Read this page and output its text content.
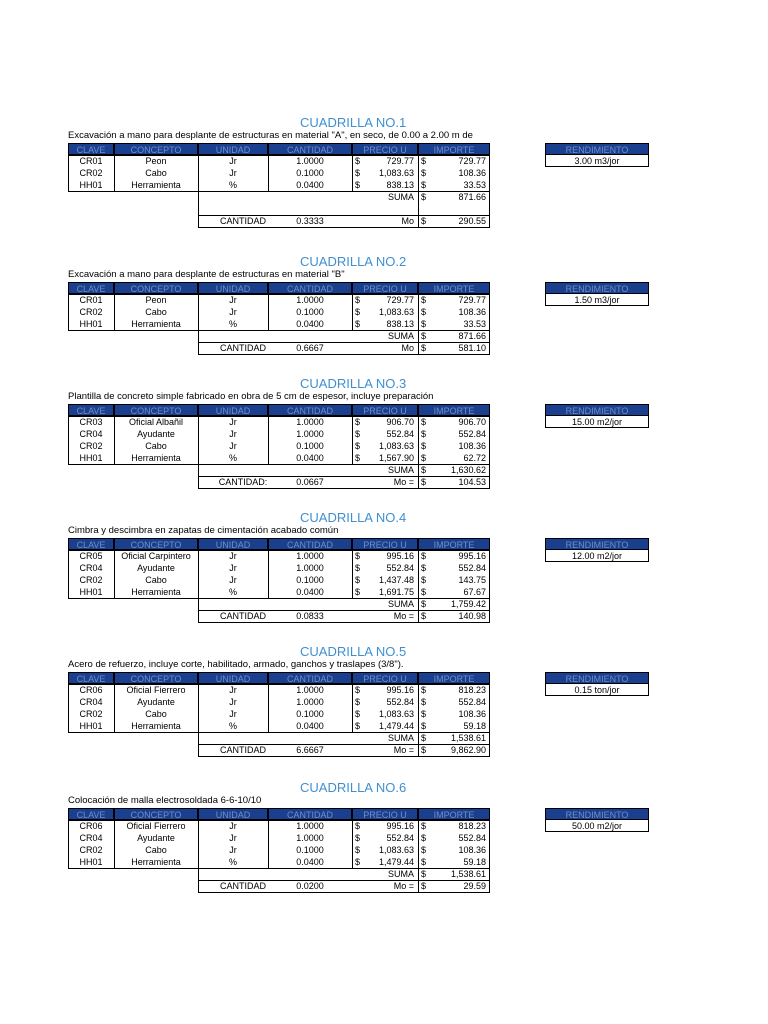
CUADRILLA NO.1
Excavación a mano para desplante de estructuras en material "A", en seco, de 0.00 a 2.00 m de
CLAVE	CONCEPTO	UNIDAD	CANTIDAD	PRECIO U	IMPORTE
CR01	Peon	Jr	1.0000	729.77	729.77
$	$
CR02	Cabo	Jr	0.1000	1,083.63	108.36
$	$
HH01	Herramienta	%	0.0400	838.13	33.53
$	$
SUMA $	871.66
CANTIDAD	0.3333	Mo $	290.55
RENDIMIENTO
3.00 m3/jor
CUADRILLA NO.2
Excavación a mano para desplante de estructuras en material "B"
CLAVE	CONCEPTO	UNIDAD	CANTIDAD	PRECIO U	IMPORTE
CR01	Peon	Jr	1.0000	729.77	729.77
$	$
CR02	Cabo	Jr	0.1000	1,083.63	108.36
$	$
HH01	Herramienta	%	0.0400	838.13	33.53
$	$
SUMA $	871.66
CANTIDAD	0.6667	Mo $	581.10
RENDIMIENTO
1.50 m3/jor
CUADRILLA NO.3
Plantilla de concreto simple fabricado en obra de 5 cm de espesor, incluye preparación
CLAVE	CONCEPTO	UNIDAD	CANTIDAD	PRECIO U	IMPORTE
CR03	Oficial Albañil	Jr	1.0000	906.70	906.70
$	$
CR04	Ayudante	Jr	1.0000	552.84	552.84
$	$
CR02	Cabo	Jr	0.1000	1,083.63	108.36
$	$
HH01	Herramienta	%	0.0400	1,567.90	62.72
$	$
SUMA $	1,630.62
CANTIDAD:	0.0667	Mo = $	104.53
RENDIMIENTO
15.00 m2/jor
CUADRILLA NO.4
Cimbra y descimbra en zapatas de cimentación acabado común
CLAVE	CONCEPTO	UNIDAD	CANTIDAD	PRECIO U	IMPORTE
CR05	Oficial Carpintero	Jr	1.0000	995.16	995.16
$	$
CR04	Ayudante	Jr	1.0000	552.84	552.84
$	$
CR02	Cabo	Jr	0.1000	1,437.48	143.75
$	$
HH01	Herramienta	%	0.0400	1,691.75	67.67
$	$
SUMA $	1,759.42
CANTIDAD	0.0833	Mo = $	140.98
RENDIMIENTO
12.00 m2/jor
CUADRILLA NO.5
Acero de refuerzo, incluye corte, habilitado, armado, ganchos y traslapes (3/8").
CLAVE	CONCEPTO	UNIDAD	CANTIDAD	PRECIO U	IMPORTE
CR06	Oficial Fierrero	Jr	1.0000	995.16	818.23
$	$
CR04	Ayudante	Jr	1.0000	552.84	552.84
$	$
CR02	Cabo	Jr	0.1000	1,083.63	108.36
$	$
HH01	Herramienta	%	0.0400	1,479.44	59.18
$	$
SUMA $	1,538.61
CANTIDAD	6.6667	Mo = $	9,862.90
RENDIMIENTO
0.15 ton/jor
CUADRILLA NO.6
Colocación de malla electrosoldada 6-6-10/10
CLAVE	CONCEPTO	UNIDAD	CANTIDAD	PRECIO U	IMPORTE
CR06	Oficial Fierrero	Jr	1.0000	995.16	818.23
$	$
CR04	Ayudante	Jr	1.0000	552.84	552.84
$	$
CR02	Cabo	Jr	0.1000	1,083.63	108.36
$	$
HH01	Herramienta	%	0.0400	1,479.44	59.18
$	$
SUMA $	1,538.61
CANTIDAD	0.0200	Mo = $	29.59
RENDIMIENTO
50.00 m2/jor
